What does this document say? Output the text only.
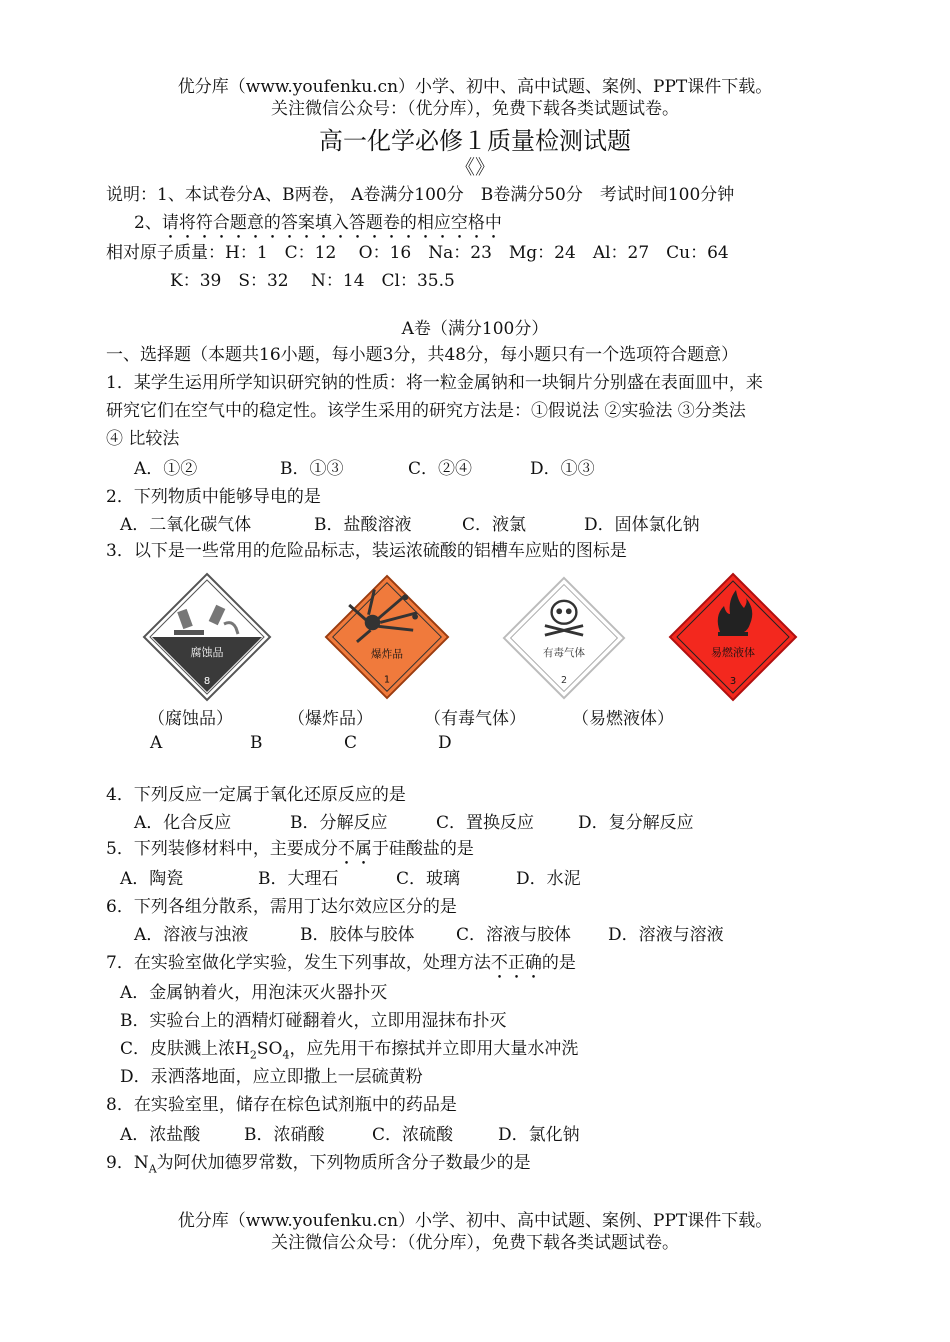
优分库（www.youfenku.cn）小学、初中、高中试题、案例、PPT课件下载。
关注微信公众号：（优分库），免费下载各类试题试卷。
高一化学必修１质量检测试题
《》
说明：1、本试卷分A、B两卷， A卷满分100分　B卷满分50分　考试时间100分钟
2、请将符合题意的答案填入答题卷的相应空格中
相对原子质量：H：1　C：12　 O：16　Na：23　Mg：24　Al：27　Cu：64
K：39　S：32　 N：14　Cl：35.5
A卷（满分100分）
一、选择题（本题共16小题，每小题3分，共48分，每小题只有一个选项符合题意）
1．某学生运用所学知识研究钠的性质：将一粒金属钠和一块铜片分别盛在表面皿中，来
研究它们在空气中的稳定性。该学生采用的研究方法是：①假说法 ②实验法 ③分类法
④ 比较法
A．①②	B．①③	C．②④	D．①③
2．下列物质中能够导电的是
A．二氧化碳气体	B．盐酸溶液	C．液氯	D．固体氯化钠
3．以下是一些常用的危险品标志，装运浓硫酸的铝槽车应贴的图标是
腐蚀品
8
爆炸品
1
有毒气体
2
易燃液体
3
（腐蚀品）	（爆炸品）	（有毒气体）	（易燃液体）
A	B	C	D
4．下列反应一定属于氧化还原反应的是
A．化合反应	B．分解反应	C．置换反应	D．复分解反应
5．下列装修材料中，主要成分不属于硅酸盐的是
A．陶瓷	B．大理石	C．玻璃	D．水泥
6．下列各组分散系，需用丁达尔效应区分的是
A．溶液与浊液	B．胶体与胶体 C．溶液与胶体 D．溶液与溶液
7．在实验室做化学实验，发生下列事故，处理方法不正确的是
A．金属钠着火，用泡沫灭火器扑灭
B．实验台上的酒精灯碰翻着火，立即用湿抹布扑灭
C．皮肤溅上浓$H_2SO_4$，应先用干布擦拭并立即用大量水冲洗
D．汞洒落地面，应立即撒上一层硫黄粉
8．在实验室里，储存在棕色试剂瓶中的药品是
A．浓盐酸	B．浓硝酸	C．浓硫酸	D．氯化钠
9．$N_A$为阿伏加德罗常数，下列物质所含分子数最少的是
优分库（www.youfenku.cn）小学、初中、高中试题、案例、PPT课件下载。
关注微信公众号：（优分库），免费下载各类试题试卷。
